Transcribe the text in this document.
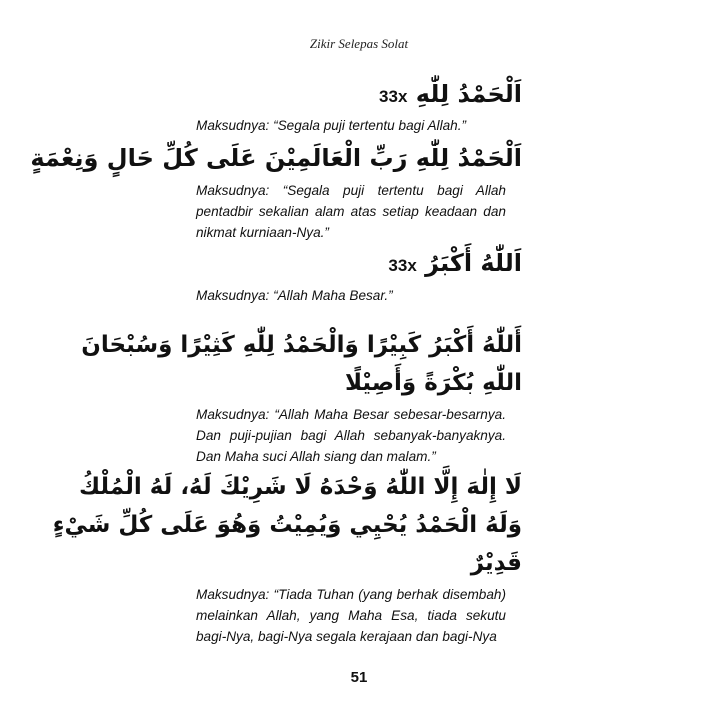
Zikir Selepas Solat
اَلْحَمْدُ لِلّٰهِ 33x
Maksudnya: “Segala puji tertentu bagi Allah.”
اَلْحَمْدُ لِلّٰهِ رَبِّ الْعَالَمِيْنَ عَلَى كُلِّ حَالٍ وَنِعْمَةٍ
Maksudnya: “Segala puji tertentu bagi Allah pentadbir sekalian alam atas setiap keadaan dan nikmat kurniaan-Nya.”
اَللّٰهُ أَكْبَرُ 33x
Maksudnya: “Allah Maha Besar.”
أَللّٰهُ أَكْبَرُ كَبِيْرًا وَالْحَمْدُ لِلّٰهِ كَثِيْرًا وَسُبْحَانَ
اللّٰهِ بُكْرَةً وَأَصِيْلًا
Maksudnya: “Allah Maha Besar sebesar-besarnya. Dan puji-pujian bagi Allah sebanyak-banyaknya. Dan Maha suci Allah siang dan malam.”
لَا إِلٰهَ إِلَّا اللّٰهُ وَحْدَهُ لَا شَرِيْكَ لَهُ، لَهُ الْمُلْكُ
وَلَهُ الْحَمْدُ يُحْيِي وَيُمِيْتُ وَهُوَ عَلَى كُلِّ شَيْءٍ
قَدِيْرٌ
Maksudnya: “Tiada Tuhan (yang berhak disembah) melainkan Allah, yang Maha Esa, tiada sekutu bagi-Nya, bagi-Nya segala kerajaan dan bagi-Nya
51
